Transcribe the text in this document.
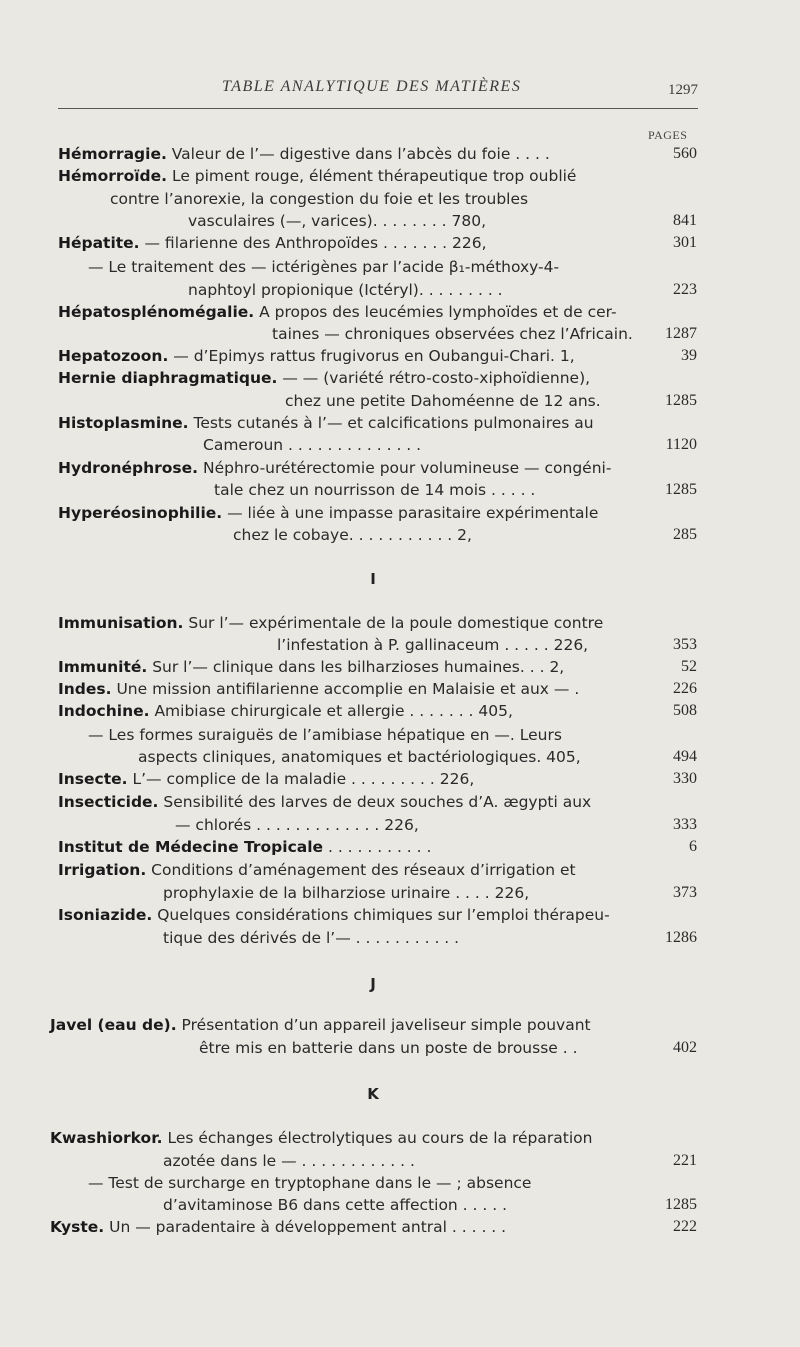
TABLE ANALYTIQUE DES MATIÈRES	1297
PAGES
I
J
K
Hémorragie. Valeur de l’— digestive dans l’abcès du foie . . . .	560
Hémorroïde. Le piment rouge, élément thérapeutique trop oublié
contre l’anorexie, la congestion du foie et les troubles
vasculaires (—, varices). . . . . . . . 780,	841
Hépatite. — filarienne des Anthropoïdes . . . . . . . 226,	301
— Le traitement des — ictérigènes par l’acide β₁-méthoxy-4-
naphtoyl propionique (Ictéryl). . . . . . . . .	223
Hépatosplénomégalie. A propos des leucémies lymphoïdes et de cer-
taines — chroniques observées chez l’Africain.	1287
Hepatozoon. — d’Epimys rattus frugivorus en Oubangui-Chari. 1,	39
Hernie diaphragmatique. — — (variété rétro-costo-xiphoïdienne),
chez une petite Dahoméenne de 12 ans.	1285
Histoplasmine. Tests cutanés à l’— et calcifications pulmonaires au
Cameroun . . . . . . . . . . . . . .	1120
Hydronéphrose. Néphro-urétérectomie pour volumineuse — congéni-
tale chez un nourrisson de 14 mois . . . . .	1285
Hyperéosinophilie. — liée à une impasse parasitaire expérimentale
chez le cobaye. . . . . . . . . . . 2,	285
Immunisation. Sur l’— expérimentale de la poule domestique contre
l’infestation à P. gallinaceum . . . . . 226,	353
Immunité. Sur l’— clinique dans les bilharzioses humaines. . . 2,	52
Indes. Une mission antifilarienne accomplie en Malaisie et aux — .	226
Indochine. Amibiase chirurgicale et allergie . . . . . . . 405,	508
— Les formes suraiguës de l’amibiase hépatique en —. Leurs
aspects cliniques, anatomiques et bactériologiques. 405,	494
Insecte. L’— complice de la maladie . . . . . . . . . 226,	330
Insecticide. Sensibilité des larves de deux souches d’A. ægypti aux
— chlorés . . . . . . . . . . . . . 226,	333
Institut de Médecine Tropicale . . . . . . . . . . .	6
Irrigation. Conditions d’aménagement des réseaux d’irrigation et
prophylaxie de la bilharziose urinaire . . . . 226,	373
Isoniazide. Quelques considérations chimiques sur l’emploi thérapeu-
tique des dérivés de l’— . . . . . . . . . . .	1286
Javel (eau de). Présentation d’un appareil javeliseur simple pouvant
être mis en batterie dans un poste de brousse . .	402
Kwashiorkor. Les échanges électrolytiques au cours de la réparation
azotée dans le — . . . . . . . . . . . .	221
— Test de surcharge en tryptophane dans le — ; absence
d’avitaminose B6 dans cette affection . . . . .	1285
Kyste. Un — paradentaire à développement antral . . . . . .	222
